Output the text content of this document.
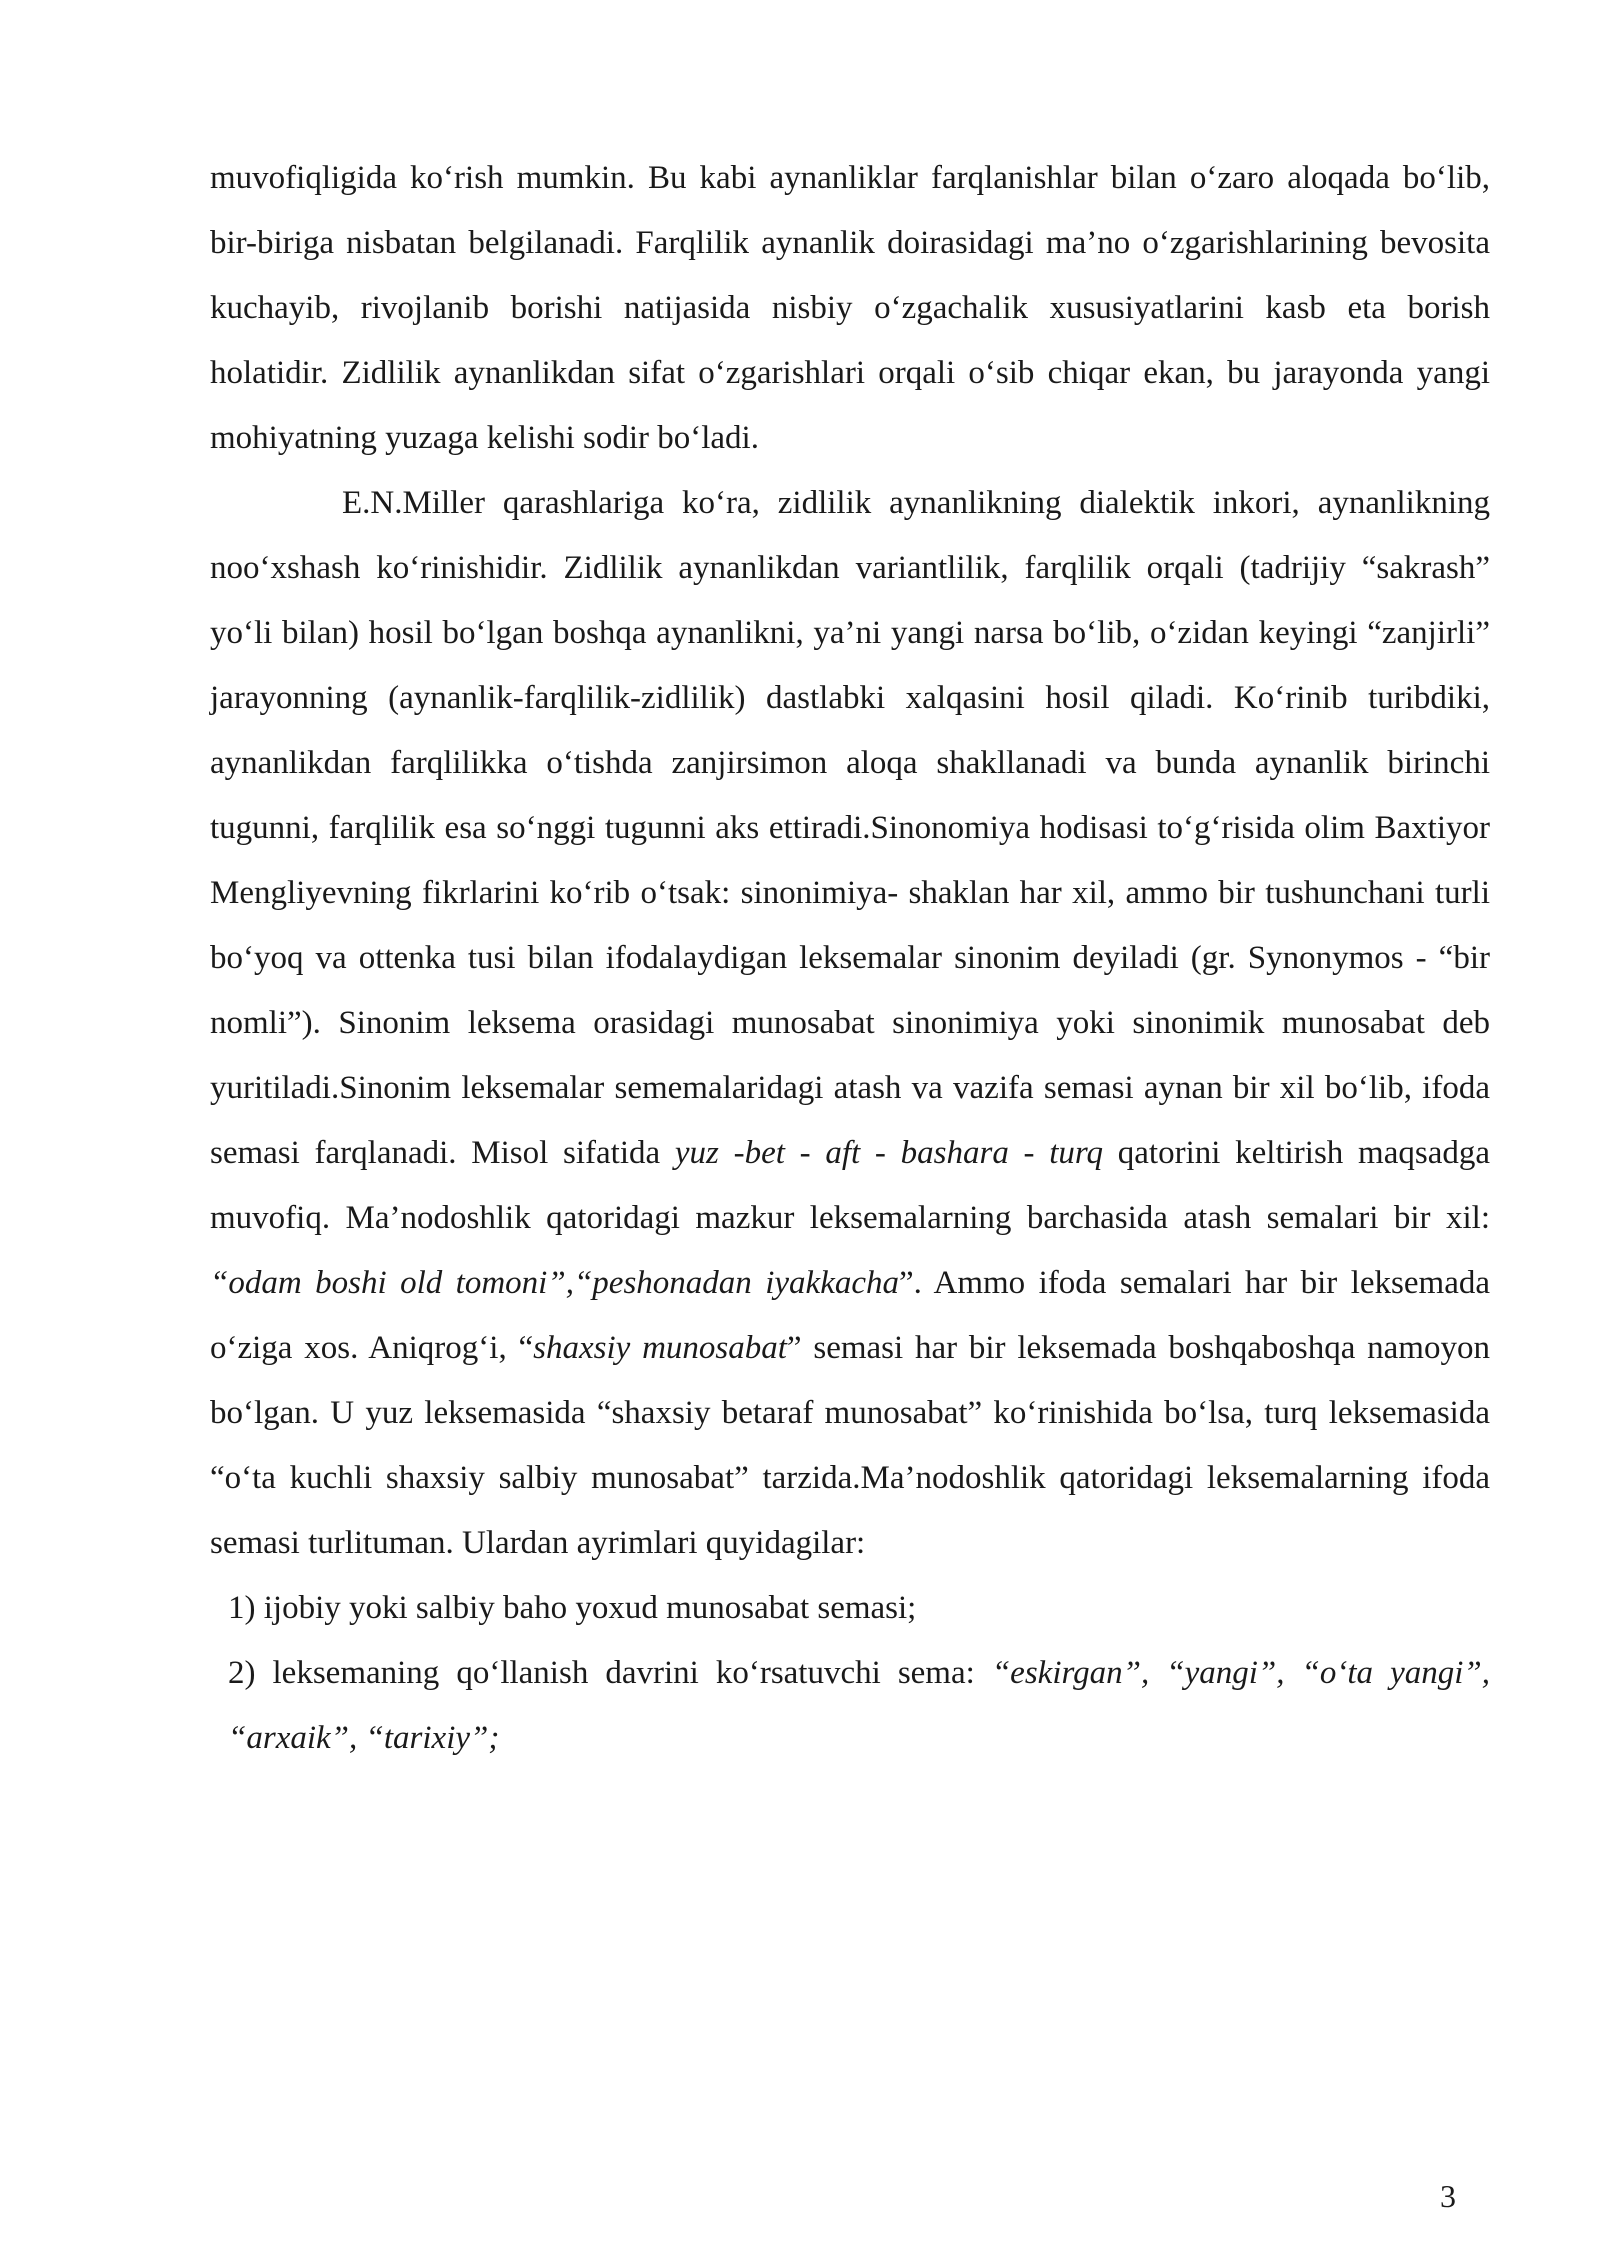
muvofiqligida ko‘rish mumkin. Bu kabi aynanliklar farqlanishlar bilan o‘zaro aloqada bo‘lib, bir-biriga nisbatan belgilanadi. Farqlilik aynanlik doirasidagi ma’no o‘zgarishlarining bevosita kuchayib, rivojlanib borishi natijasida nisbiy o‘zgachalik xususiyatlarini kasb eta borish holatidir. Zidlilik aynanlikdan sifat o‘zgarishlari orqali o‘sib chiqar ekan, bu jarayonda yangi mohiyatning yuzaga kelishi sodir bo‘ladi.

E.N.Miller qarashlariga ko‘ra, zidlilik aynanlikning dialektik inkori, aynanlikning noo‘xshash ko‘rinishidir. Zidlilik aynanlikdan variantlilik, farqlilik orqali (tadrijiy “sakrash” yo‘li bilan) hosil bo‘lgan boshqa aynanlikni, ya’ni yangi narsa bo‘lib, o‘zidan keyingi “zanjirli” jarayonning (aynanlik-farqlilik-zidlilik) dastlabki xalqasini hosil qiladi. Ko‘rinib turibdiki, aynanlikdan farqlilikka o‘tishda zanjirsimon aloqa shakllanadi va bunda aynanlik birinchi tugunni, farqlilik esa so‘nggi tugunni aks ettiradi.Sinonomiya hodisasi to‘g‘risida olim Baxtiyor Mengliyevning fikrlarini ko‘rib o‘tsak: sinonimiya- shaklan har xil, ammo bir tushunchani turli bo‘yoq va ottenka tusi bilan ifodalaydigan leksemalar sinonim deyiladi (gr. Synonymos - “bir nomli”). Sinonim leksema orasidagi munosabat sinonimiya yoki sinonimik munosabat deb yuritiladi.Sinonim leksemalar sememalaridagi atash va vazifa semasi aynan bir xil bo‘lib, ifoda semasi farqlanadi. Misol sifatida yuz -bet - aft - bashara - turq qatorini keltirish maqsadga muvofiq. Ma’nodoshlik qatoridagi mazkur leksemalarning barchasida atash semalari bir xil: “odam boshi old tomoni”,“peshonadan iyakkacha”. Ammo ifoda semalari har bir leksemada o‘ziga xos. Aniqrog‘i, “shaxsiy munosabat” semasi har bir leksemada boshqaboshqa namoyon bo‘lgan. U yuz leksemasida “shaxsiy betaraf munosabat” ko‘rinishida bo‘lsa, turq leksemasida “o‘ta kuchli shaxsiy salbiy munosabat” tarzida.Ma’nodoshlik qatoridagi leksemalarning ifoda semasi turlituman. Ulardan ayrimlari quyidagilar:

1) ijobiy yoki salbiy baho yoxud munosabat semasi;

2) leksemaning qo‘llanish davrini ko‘rsatuvchi sema: “eskirgan”, “yangi”, “o‘ta yangi”, “arxaik”, “tarixiy”;

3
